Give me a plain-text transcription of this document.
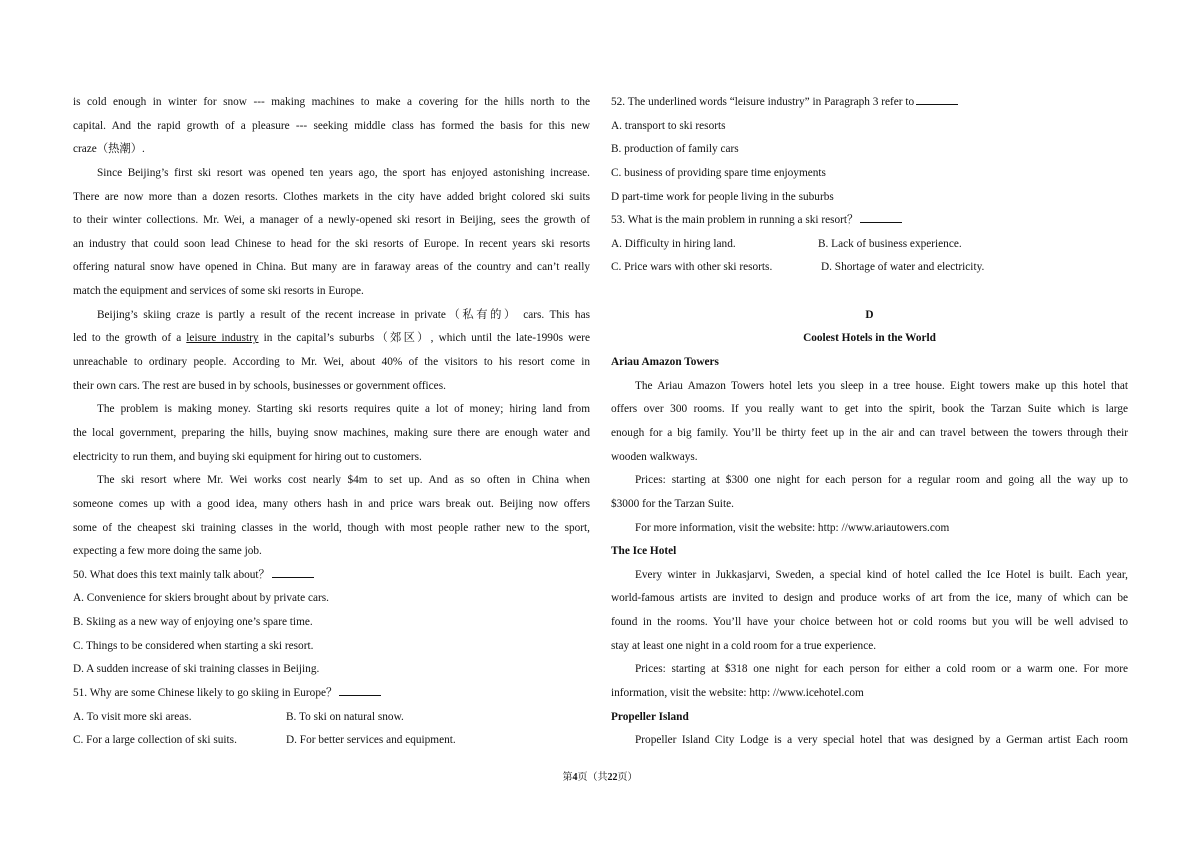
is cold enough in winter for snow --- making machines to make a covering for the hills north to the
capital. And the rapid growth of a pleasure --- seeking middle class has formed the basis for this new
craze（热潮）.
Since Beijing’s first ski resort was opened ten years ago, the sport has enjoyed astonishing increase.
There are now more than a dozen resorts. Clothes markets in the city have added bright colored ski suits
to their winter collections. Mr. Wei, a manager of a newly-opened ski resort in Beijing, sees the growth of
an industry that could soon lead Chinese to head for the ski resorts of Europe. In recent years ski resorts
offering natural snow have opened in China. But many are in faraway areas of the country and can’t really
match the equipment and services of some ski resorts in Europe.
Beijing’s skiing craze is partly a result of the recent increase in private（私有的） cars. This has
led to the growth of a leisure industry in the capital’s suburbs（郊区）, which until the late-1990s were
unreachable to ordinary people. According to Mr. Wei, about 40% of the visitors to his resort come in
their own cars. The rest are bused in by schools, businesses or government offices.
The problem is making money. Starting ski resorts requires quite a lot of money; hiring land from
the local government, preparing the hills, buying snow machines, making sure there are enough water and
electricity to run them, and buying ski equipment for hiring out to customers.
The ski resort where Mr. Wei works cost nearly $4m to set up. And as so often in China when
someone comes up with a good idea, many others hash in and price wars break out. Beijing now offers
some of the cheapest ski training classes in the world, though with most people rather new to the sport,
expecting a few more doing the same job.
50. What does this text mainly talk about？
A. Convenience for skiers brought about by private cars.
B. Skiing as a new way of enjoying one’s spare time.
C. Things to be considered when starting a ski resort.
D. A sudden increase of ski training classes in Beijing.
51. Why are some Chinese likely to go skiing in Europe？
A. To visit more ski areas.	B. To ski on natural snow.
C. For a large collection of ski suits.	D. For better services and equipment.
52. The underlined words “leisure industry” in Paragraph 3 refer to
A. transport to ski resorts
B. production of family cars
C. business of providing spare time enjoyments
D part-time work for people living in the suburbs
53. What is the main problem in running a ski resort？
A. Difficulty in hiring land.	B. Lack of business experience.
C. Price wars with other ski resorts.	D. Shortage of water and electricity.
D
Coolest Hotels in the World
Ariau Amazon Towers
The Ariau Amazon Towers hotel lets you sleep in a tree house. Eight towers make up this hotel that
offers over 300 rooms. If you really want to get into the spirit, book the Tarzan Suite which is large
enough for a big family. You’ll be thirty feet up in the air and can travel between the towers through their
wooden walkways.
Prices: starting at $300 one night for each person for a regular room and going all the way up to
$3000 for the Tarzan Suite.
For more information, visit the website: http: //www.ariautowers.com
The Ice Hotel
Every winter in Jukkasjarvi, Sweden, a special kind of hotel called the Ice Hotel is built. Each year,
world-famous artists are invited to design and produce works of art from the ice, many of which can be
found in the rooms. You’ll have your choice between hot or cold rooms but you will be well advised to
stay at least one night in a cold room for a true experience.
Prices: starting at $318 one night for each person for either a cold room or a warm one. For more
information, visit the website: http: //www.icehotel.com
Propeller Island
Propeller Island City Lodge is a very special hotel that was designed by a German artist Each room
第4页（共22页）
